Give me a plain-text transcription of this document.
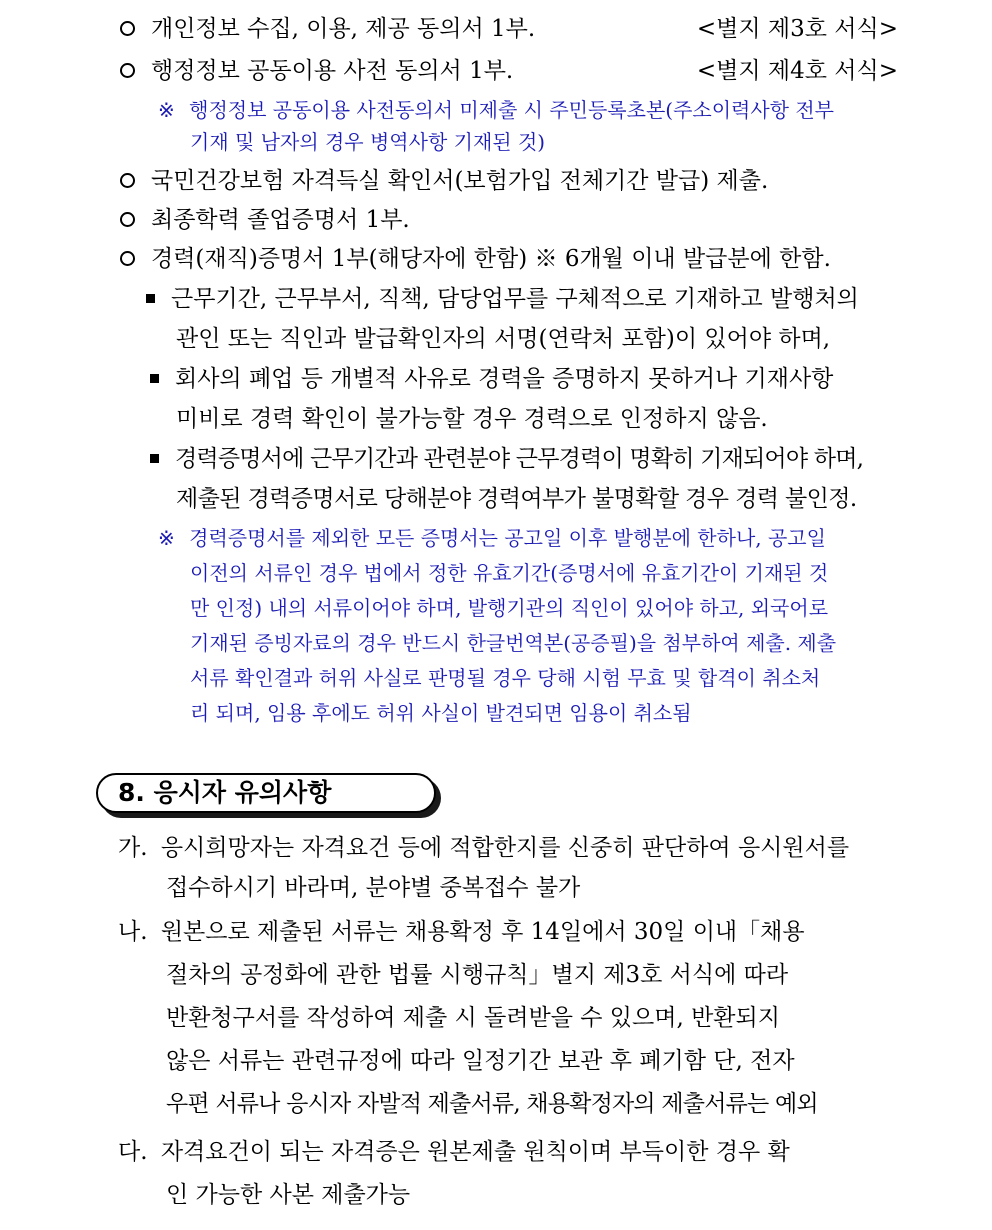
개인정보 수집, 이용, 제공 동의서 1부.	<별지 제3호 서식>
행정정보 공동이용 사전 동의서 1부.	<별지 제4호 서식>
※ 행정정보 공동이용 사전동의서 미제출 시 주민등록초본(주소이력사항 전부
기재 및 남자의 경우 병역사항 기재된 것)
국민건강보험 자격득실 확인서(보험가입 전체기간 발급) 제출.
최종학력 졸업증명서 1부.
경력(재직)증명서 1부(해당자에 한함) ※ 6개월 이내 발급분에 한함.
근무기간, 근무부서, 직책, 담당업무를 구체적으로 기재하고 발행처의
관인 또는 직인과 발급확인자의 서명(연락처 포함)이 있어야 하며,
회사의 폐업 등 개별적 사유로 경력을 증명하지 못하거나 기재사항
미비로 경력 확인이 불가능할 경우 경력으로 인정하지 않음.
경력증명서에 근무기간과 관련분야 근무경력이 명확히 기재되어야 하며,
제출된 경력증명서로 당해분야 경력여부가 불명확할 경우 경력 불인정.
※ 경력증명서를 제외한 모든 증명서는 공고일 이후 발행분에 한하나, 공고일
이전의 서류인 경우 법에서 정한 유효기간(증명서에 유효기간이 기재된 것
만 인정) 내의 서류이어야 하며, 발행기관의 직인이 있어야 하고, 외국어로
기재된 증빙자료의 경우 반드시 한글번역본(공증필)을 첨부하여 제출. 제출
서류 확인결과 허위 사실로 판명될 경우 당해 시험 무효 및 합격이 취소처
리 되며, 임용 후에도 허위 사실이 발견되면 임용이 취소됨
8. 응시자 유의사항
가. 응시희망자는 자격요건 등에 적합한지를 신중히 판단하여 응시원서를
접수하시기 바라며, 분야별 중복접수 불가
나. 원본으로 제출된 서류는 채용확정 후 14일에서 30일 이내「채용
절차의 공정화에 관한 법률 시행규칙」별지 제3호 서식에 따라
반환청구서를 작성하여 제출 시 돌려받을 수 있으며, 반환되지
않은 서류는 관련규정에 따라 일정기간 보관 후 폐기함 단, 전자
우편 서류나 응시자 자발적 제출서류, 채용확정자의 제출서류는 예외
다. 자격요건이 되는 자격증은 원본제출 원칙이며 부득이한 경우 확
인 가능한 사본 제출가능
